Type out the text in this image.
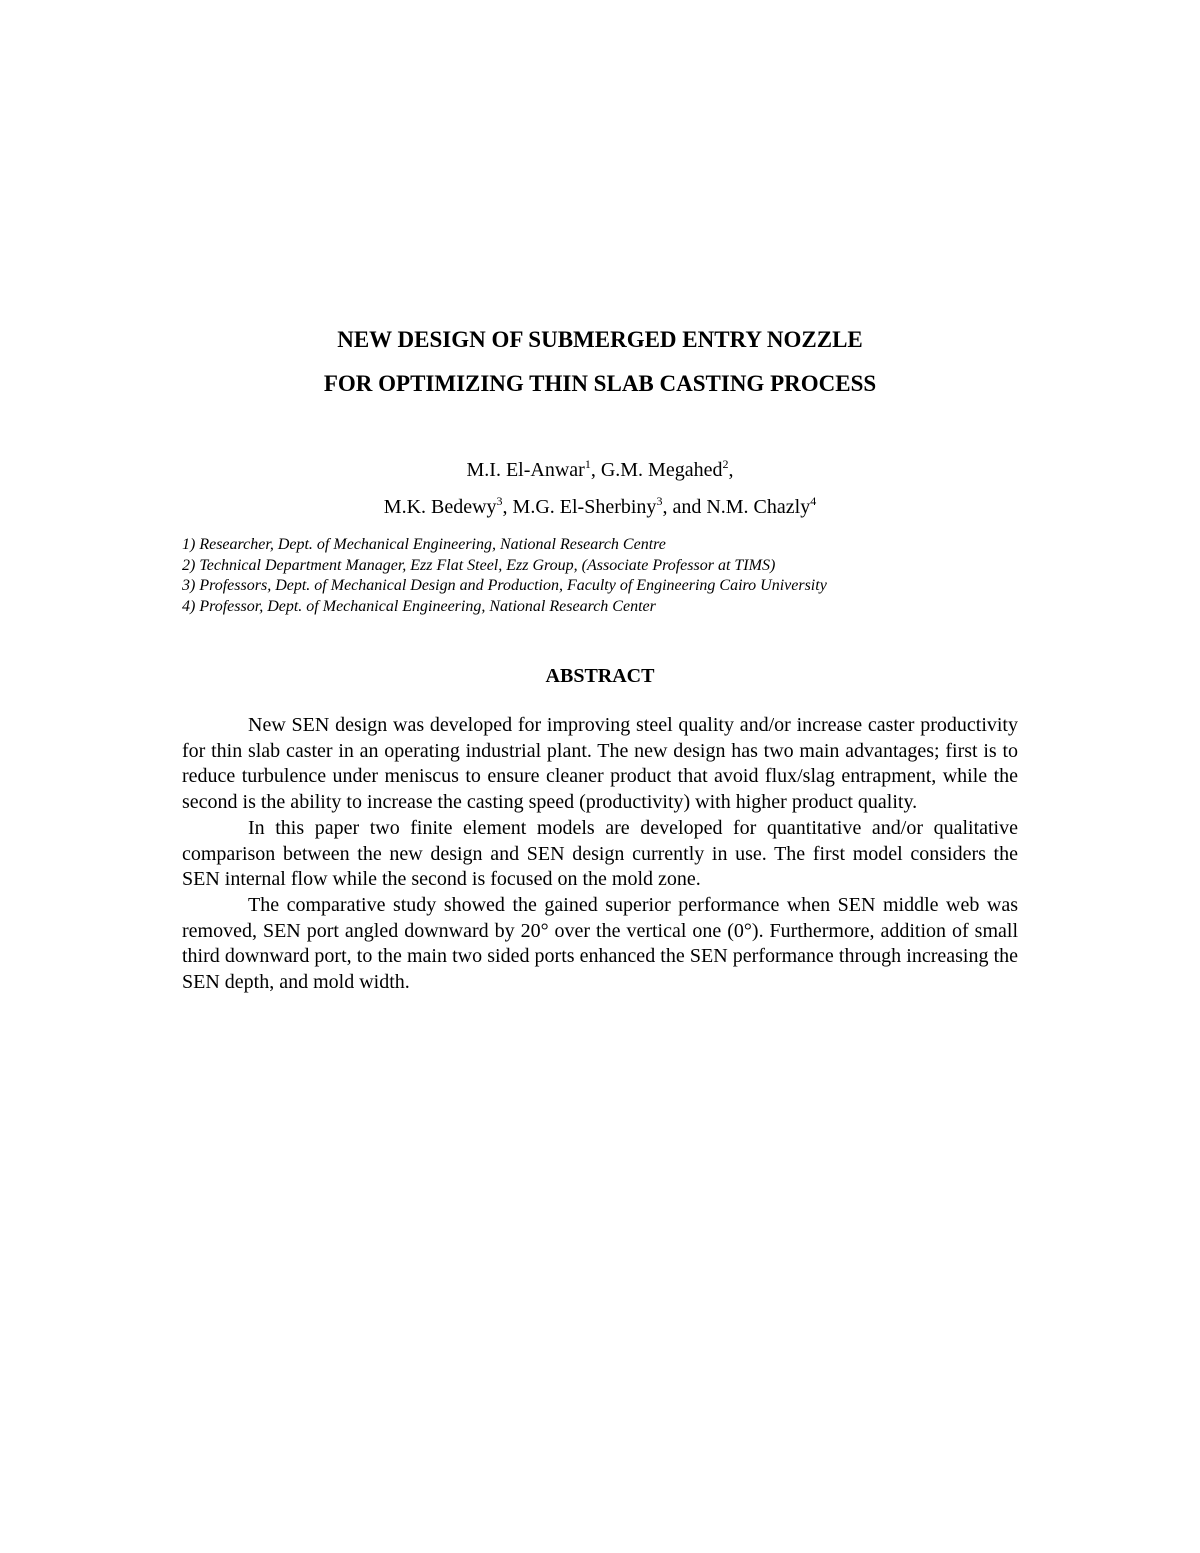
NEW DESIGN OF SUBMERGED ENTRY NOZZLE
FOR OPTIMIZING THIN SLAB CASTING PROCESS

M.I. El-Anwar$^1$, G.M. Megahed$^2$,

M.K. Bedewy$^3$, M.G. El-Sherbiny$^3$, and N.M. Chazly$^4$

1) Researcher, Dept. of Mechanical Engineering, National Research Centre
2) Technical Department Manager, Ezz Flat Steel, Ezz Group, (Associate Professor at TIMS)
3) Professors, Dept. of Mechanical Design and Production, Faculty of Engineering Cairo University
4) Professor, Dept. of Mechanical Engineering, National Research Center
ABSTRACT

New SEN design was developed for improving steel quality and/or increase caster productivity for thin slab caster in an operating industrial plant. The new design has two main advantages; first is to reduce turbulence under meniscus to ensure cleaner product that avoid flux/slag entrapment, while the second is the ability to increase the casting speed (productivity) with higher product quality.

In this paper two finite element models are developed for quantitative and/or qualitative comparison between the new design and SEN design currently in use. The first model considers the SEN internal flow while the second is focused on the mold zone.

The comparative study showed the gained superior performance when SEN middle web was removed, SEN port angled downward by 20° over the vertical one (0°). Furthermore, addition of small third downward port, to the main two sided ports enhanced the SEN performance through increasing the SEN depth, and mold width.
